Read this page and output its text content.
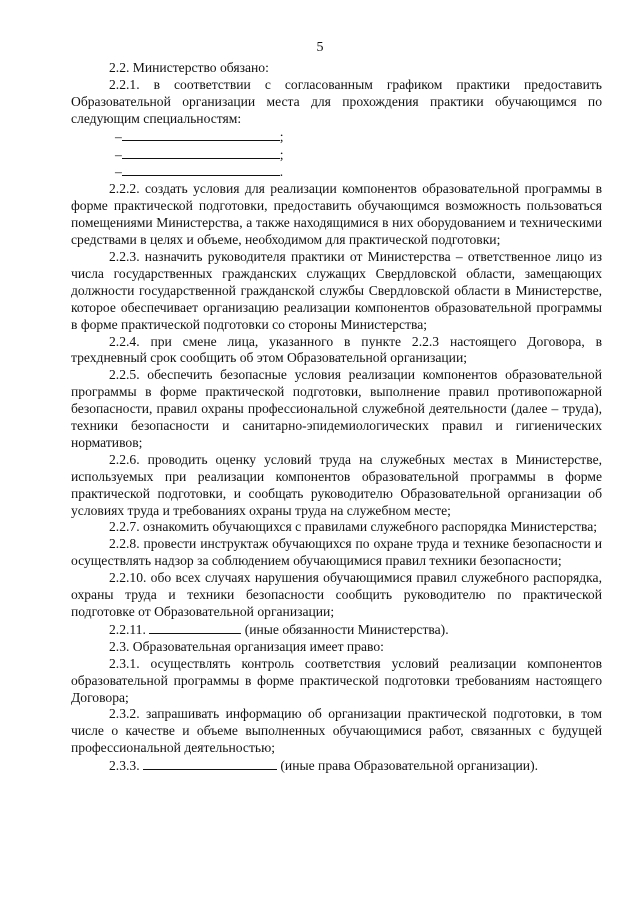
5

2.2. Министерство обязано:

2.2.1. в соответствии с согласованным графиком практики предоставить Образовательной организации места для прохождения практики обучающимся по следующим специальностям:

–	;

–	;

–	.

2.2.2. создать условия для реализации компонентов образовательной программы в форме практической подготовки, предоставить обучающимся возможность пользоваться помещениями Министерства, а также находящимися в них оборудованием и техническими средствами в целях и объеме, необходимом для практической подготовки;

2.2.3. назначить руководителя практики от Министерства – ответственное лицо из числа государственных гражданских служащих Свердловской области, замещающих должности государственной гражданской службы Свердловской области в Министерстве, которое обеспечивает организацию реализации компонентов образовательной программы в форме практической подготовки со стороны Министерства;

2.2.4. при смене лица, указанного в пункте 2.2.3 настоящего Договора, в трехдневный срок сообщить об этом Образовательной организации;

2.2.5. обеспечить безопасные условия реализации компонентов образовательной программы в форме практической подготовки, выполнение правил противопожарной безопасности, правил охраны профессиональной служебной деятельности (далее – труда), техники безопасности и санитарно-эпидемиологических правил и гигиенических нормативов;

2.2.6. проводить оценку условий труда на служебных местах в Министерстве, используемых при реализации компонентов образовательной программы в форме практической подготовки, и сообщать руководителю Образовательной организации об условиях труда и требованиях охраны труда на служебном месте;

2.2.7. ознакомить обучающихся с правилами служебного распорядка Министерства;

2.2.8. провести инструктаж обучающихся по охране труда и технике безопасности и осуществлять надзор за соблюдением обучающимися правил техники безопасности;

2.2.10. обо всех случаях нарушения обучающимися правил служебного распорядка, охраны труда и техники безопасности сообщить руководителю по практической подготовке от Образовательной организации;

2.2.11.	(иные обязанности Министерства).

2.3. Образовательная организация имеет право:

2.3.1. осуществлять контроль соответствия условий реализации компонентов образовательной программы в форме практической подготовки требованиям настоящего Договора;

2.3.2. запрашивать информацию об организации практической подготовки, в том числе о качестве и объеме выполненных обучающимися работ, связанных с будущей профессиональной деятельностью;

2.3.3.	(иные права Образовательной организации).
